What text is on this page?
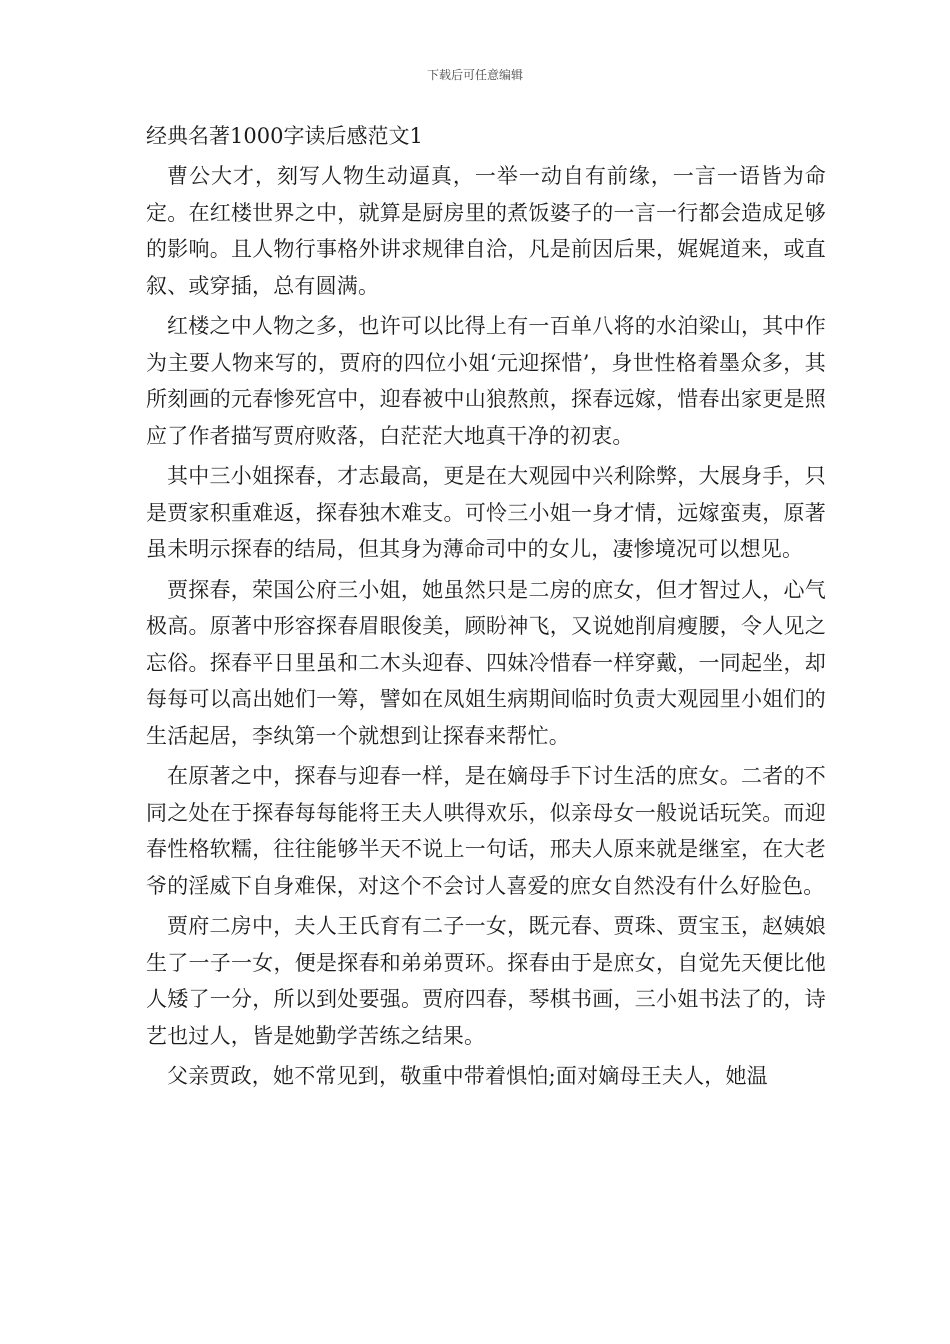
下载后可任意编辑
经典名著1000字读后感范文1

曹公大才，刻写人物生动逼真，一举一动自有前缘，一言一语皆为命定。在红楼世界之中，就算是厨房里的煮饭婆子的一言一行都会造成足够的影响。且人物行事格外讲求规律自洽，凡是前因后果，娓娓道来，或直叙、或穿插，总有圆满。

红楼之中人物之多，也许可以比得上有一百单八将的水泊梁山，其中作为主要人物来写的，贾府的四位小姐‘元迎探惜’，身世性格着墨众多，其所刻画的元春惨死宫中，迎春被中山狼熬煎，探春远嫁，惜春出家更是照应了作者描写贾府败落，白茫茫大地真干净的初衷。

其中三小姐探春，才志最高，更是在大观园中兴利除弊，大展身手，只是贾家积重难返，探春独木难支。可怜三小姐一身才情，远嫁蛮夷，原著虽未明示探春的结局，但其身为薄命司中的女儿，凄惨境况可以想见。

贾探春，荣国公府三小姐，她虽然只是二房的庶女，但才智过人，心气极高。原著中形容探春眉眼俊美，顾盼神飞，又说她削肩瘦腰，令人见之忘俗。探春平日里虽和二木头迎春、四妹冷惜春一样穿戴，一同起坐，却每每可以高出她们一筹，譬如在凤姐生病期间临时负责大观园里小姐们的生活起居，李纨第一个就想到让探春来帮忙。

在原著之中，探春与迎春一样，是在嫡母手下讨生活的庶女。二者的不同之处在于探春每每能将王夫人哄得欢乐，似亲母女一般说话玩笑。而迎春性格软糯，往往能够半天不说上一句话，邢夫人原来就是继室，在大老爷的淫威下自身难保，对这个不会讨人喜爱的庶女自然没有什么好脸色。

贾府二房中，夫人王氏育有二子一女，既元春、贾珠、贾宝玉，赵姨娘生了一子一女，便是探春和弟弟贾环。探春由于是庶女，自觉先天便比他人矮了一分，所以到处要强。贾府四春，琴棋书画，三小姐书法了的，诗艺也过人，皆是她勤学苦练之结果。

父亲贾政，她不常见到，敬重中带着惧怕;面对嫡母王夫人，她温
